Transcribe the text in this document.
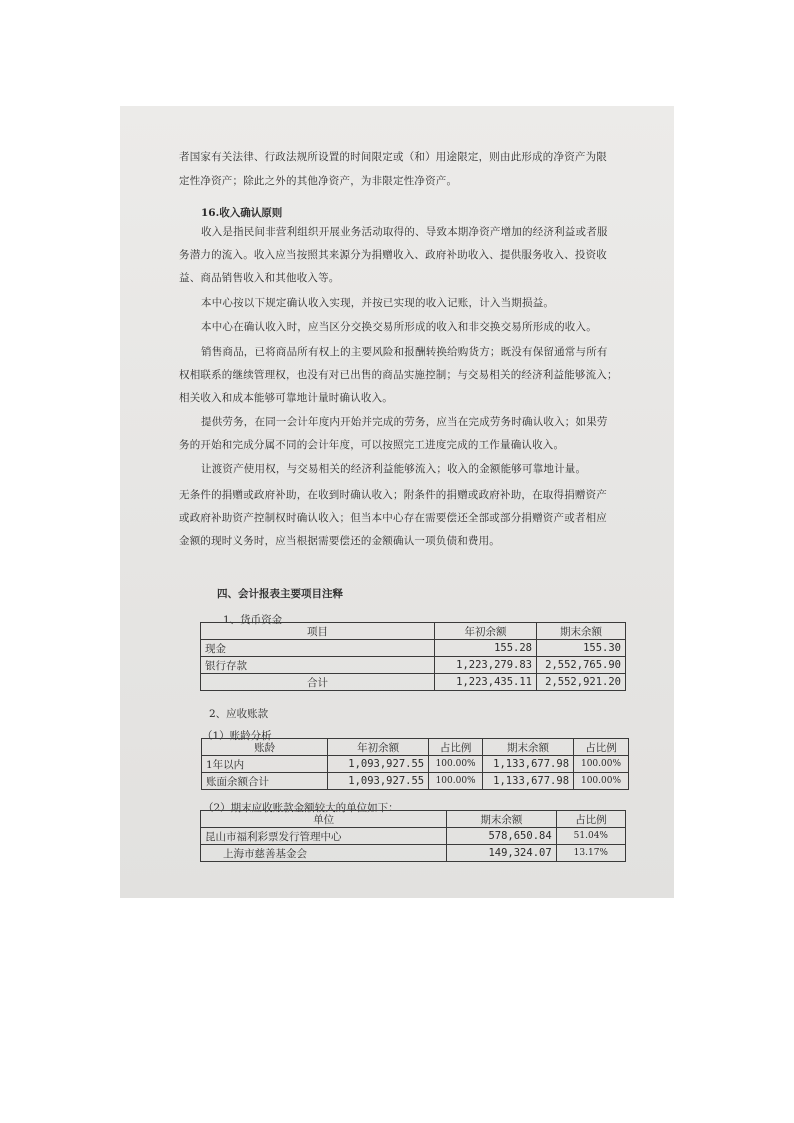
者国家有关法律、行政法规所设置的时间限定或（和）用途限定，则由此形成的净资产为限
定性净资产；除此之外的其他净资产，为非限定性净资产。
16.收入确认原则
收入是指民间非营利组织开展业务活动取得的、导致本期净资产增加的经济利益或者服
务潜力的流入。收入应当按照其来源分为捐赠收入、政府补助收入、提供服务收入、投资收
益、商品销售收入和其他收入等。
本中心按以下规定确认收入实现，并按已实现的收入记账，计入当期损益。
本中心在确认收入时，应当区分交换交易所形成的收入和非交换交易所形成的收入。
销售商品，已将商品所有权上的主要风险和报酬转换给购货方；既没有保留通常与所有
权相联系的继续管理权，也没有对已出售的商品实施控制；与交易相关的经济利益能够流入；
相关收入和成本能够可靠地计量时确认收入。
提供劳务，在同一会计年度内开始并完成的劳务，应当在完成劳务时确认收入；如果劳
务的开始和完成分属不同的会计年度，可以按照完工进度完成的工作量确认收入。
让渡资产使用权，与交易相关的经济利益能够流入；收入的金额能够可靠地计量。
无条件的捐赠或政府补助，在收到时确认收入；附条件的捐赠或政府补助，在取得捐赠资产
或政府补助资产控制权时确认收入；但当本中心存在需要偿还全部或部分捐赠资产或者相应
金额的现时义务时，应当根据需要偿还的金额确认一项负债和费用。
四、会计报表主要项目注释
1、货币资金
项目	年初余额	期末余额
现金	155.28	155.30
银行存款	1,223,279.83	2,552,765.90
合计	1,223,435.11	2,552,921.20
2、应收账款
（1）账龄分析
账龄	年初余额	占比例	期末余额	占比例
1年以内	1,093,927.55	100.00%	1,133,677.98	100.00%
账面余额合计	1,093,927.55	100.00%	1,133,677.98	100.00%
（2）期末应收账款金额较大的单位如下：
单位	期末余额	占比例
昆山市福利彩票发行管理中心	578,650.84	51.04%
上海市慈善基金会	149,324.07	13.17%
